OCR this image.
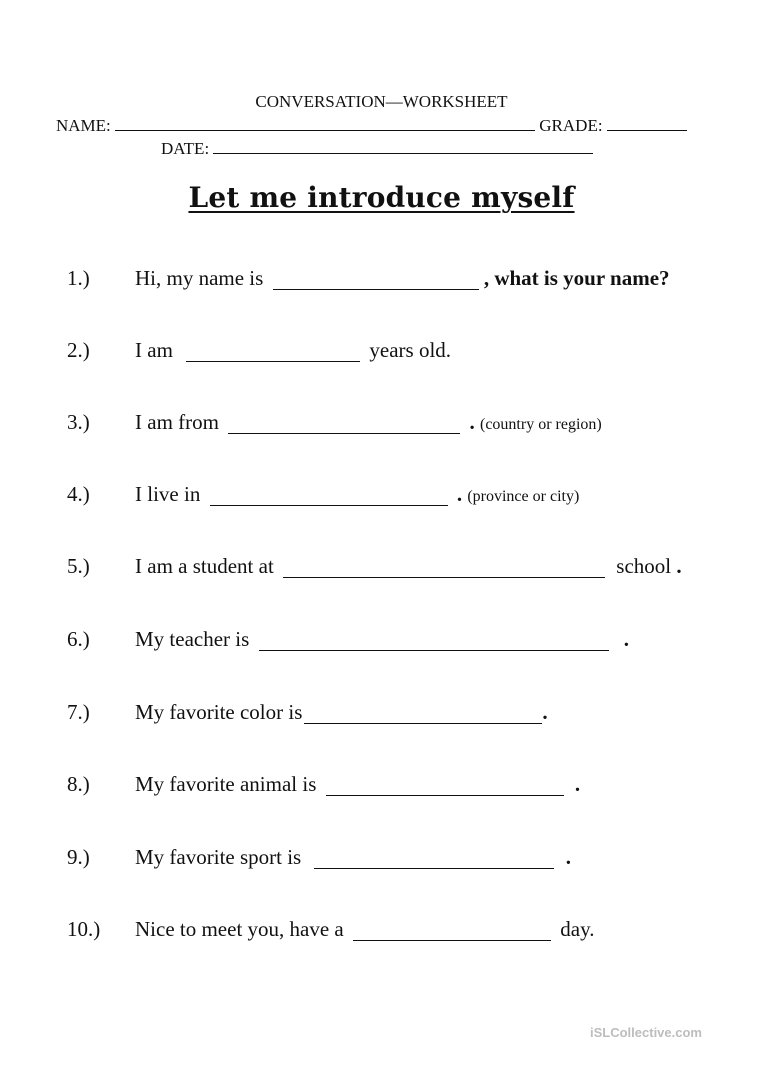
CONVERSATION—WORKSHEET
NAME:	GRADE:
DATE:
Let me introduce myself
1.) Hi, my name is	, what is your name?
2.) I am	years old.
3.) I am from	. (country or region)
4.) I live in	. (province or city)
5.) I am a student at	school .
6.) My teacher is	.
7.) My favorite color is	.
8.) My favorite animal is	.
9.) My favorite sport is	.
10.) Nice to meet you, have a	day.
iSLCollective.com
